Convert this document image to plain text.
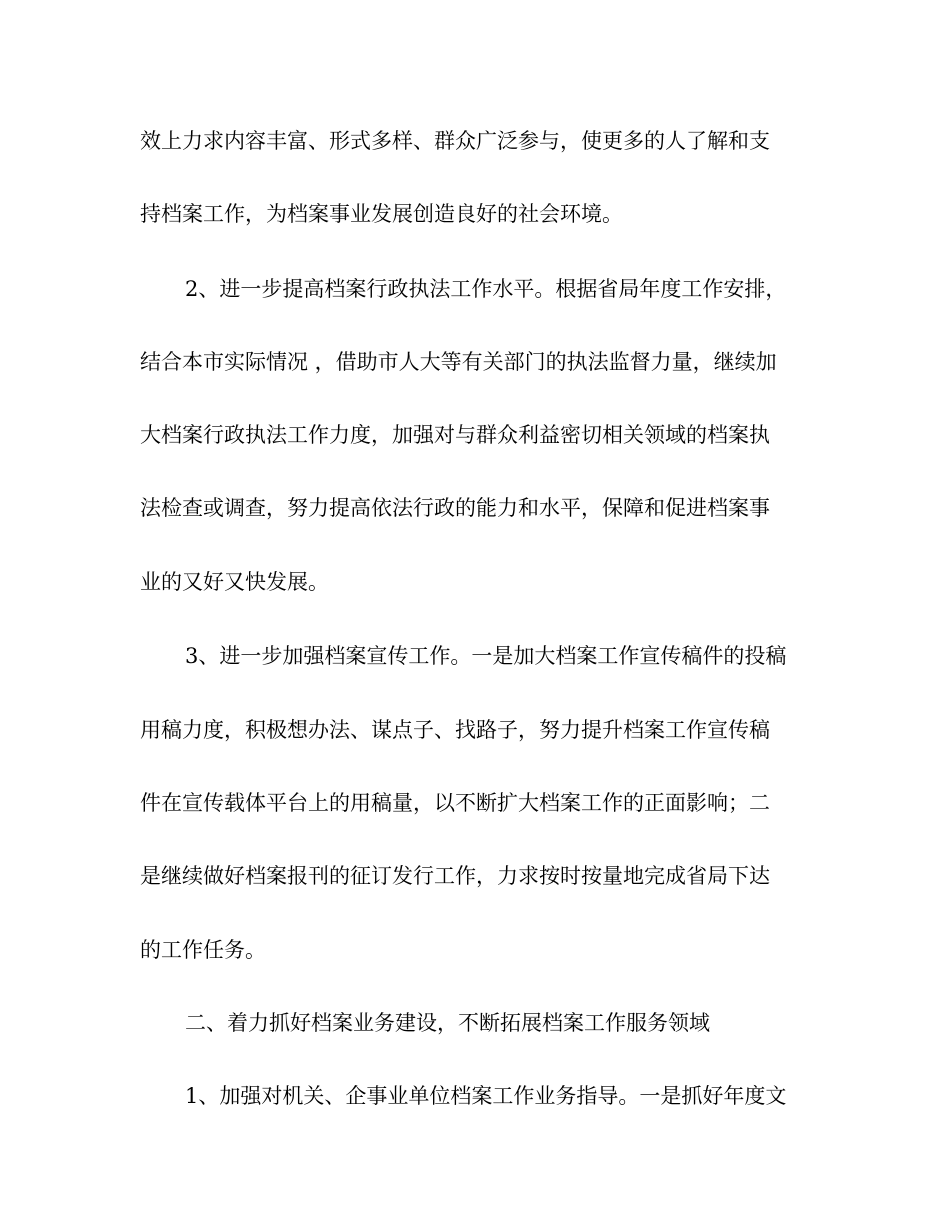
效上力求内容丰富、形式多样、群众广泛参与，使更多的人了解和支
持档案工作，为档案事业发展创造良好的社会环境。
2、进一步提高档案行政执法工作水平。根据省局年度工作安排，
结合本市实际情况 ，借助市人大等有关部门的执法监督力量，继续加
大档案行政执法工作力度，加强对与群众利益密切相关领域的档案执
法检查或调查，努力提高依法行政的能力和水平，保障和促进档案事
业的又好又快发展。
3、进一步加强档案宣传工作。一是加大档案工作宣传稿件的投稿
用稿力度，积极想办法、谋点子、找路子，努力提升档案工作宣传稿
件在宣传载体平台上的用稿量，以不断扩大档案工作的正面影响；二
是继续做好档案报刊的征订发行工作，力求按时按量地完成省局下达
的工作任务。
二、着力抓好档案业务建设，不断拓展档案工作服务领域
1、加强对机关、企事业单位档案工作业务指导。一是抓好年度文
